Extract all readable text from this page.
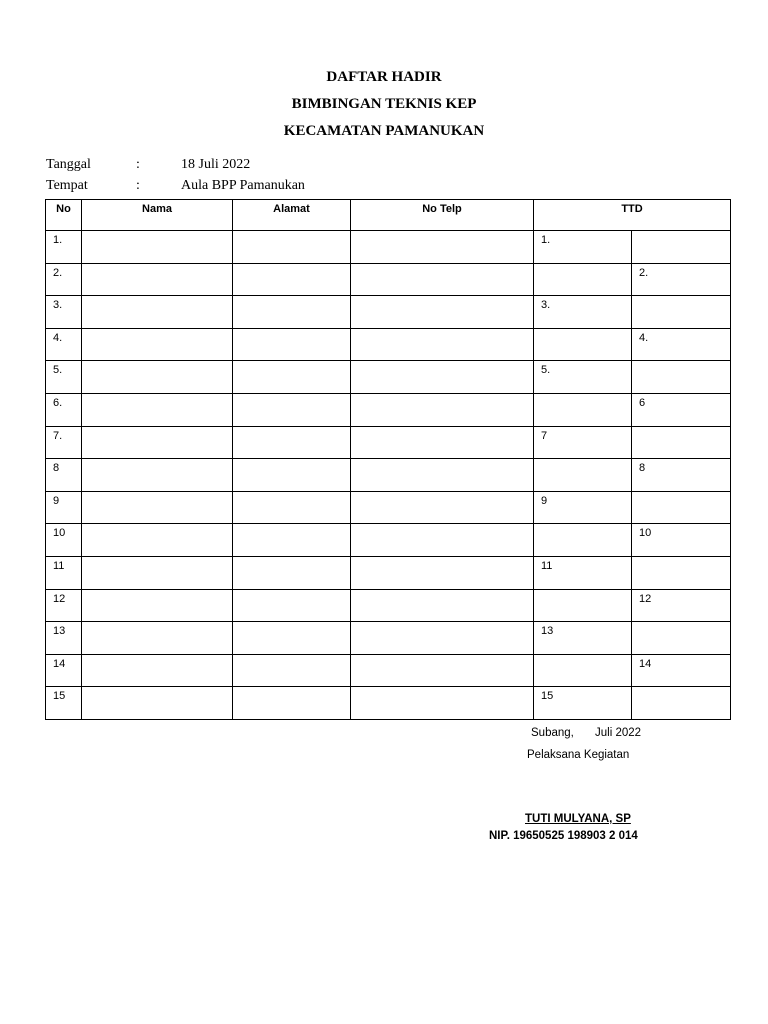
DAFTAR HADIR
BIMBINGAN TEKNIS KEP
KECAMATAN PAMANUKAN
Tanggal	:	18 Juli 2022
Tempat	:	Aula BPP Pamanukan
No	Nama	Alamat	No Telp	TTD	

1.				1.	

2.					2.

3.				3.	

4.					4.

5.				5.	

6.					6

7.				7	

8					8

9				9	

10					10

11				11	

12					12

13				13	

14					14

15				15	

Subang, Juli 2022
Pelaksana Kegiatan
TUTI MULYANA, SP
NIP. 19650525 198903 2 014
